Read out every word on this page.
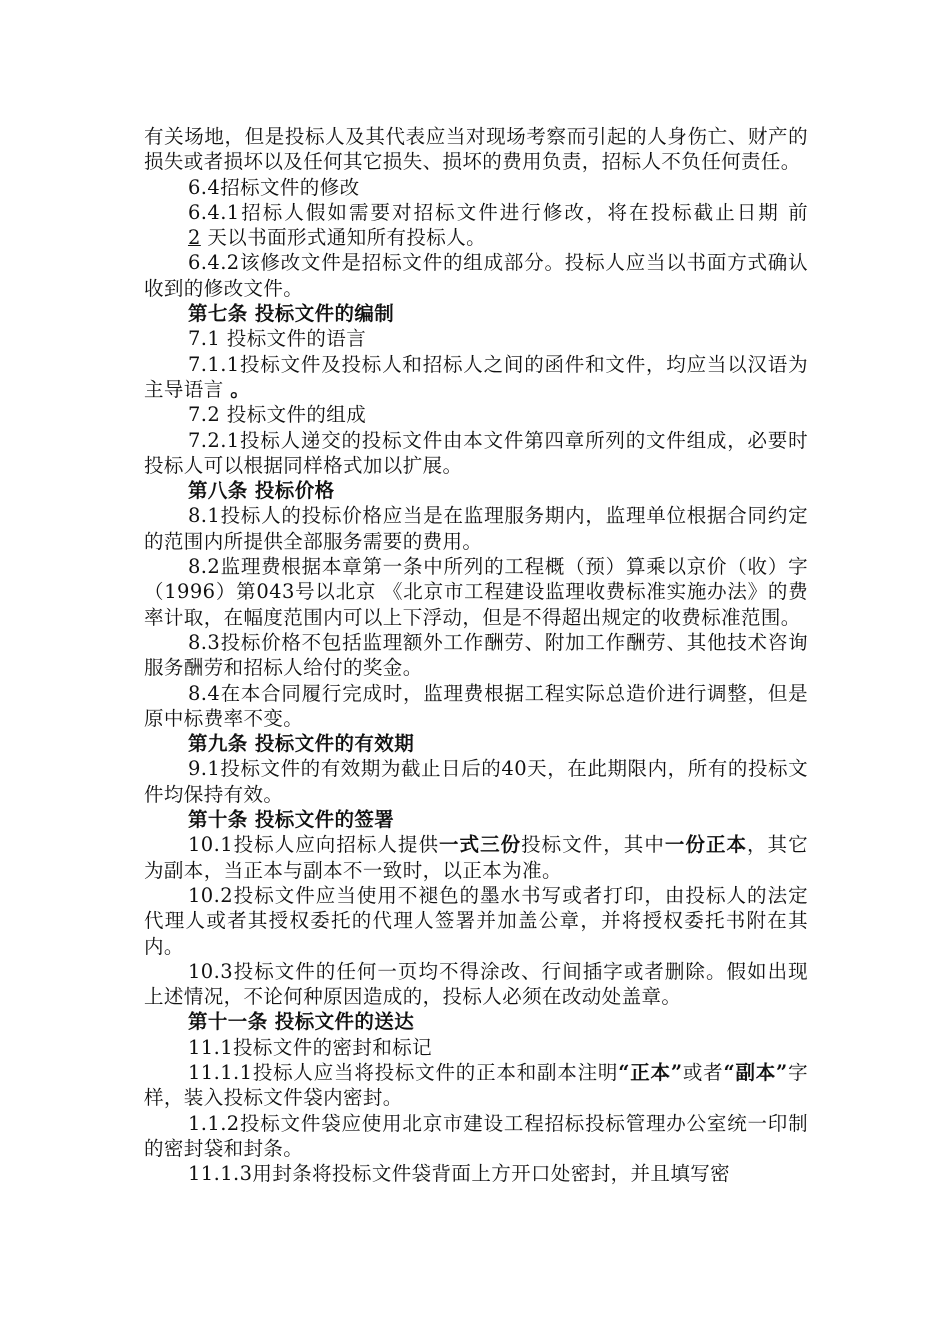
有关场地，但是投标人及其代表应当对现场考察而引起的人身伤亡、财产的损失或者损坏以及任何其它损失、损坏的费用负责，招标人不负任何责任。

6.4招标文件的修改

6.4.1招标人假如需要对招标文件进行修改，将在投标截止日期 前 2 天以书面形式通知所有投标人。

6.4.2该修改文件是招标文件的组成部分。投标人应当以书面方式确认收到的修改文件。

第七条 投标文件的编制

7.1 投标文件的语言

7.1.1投标文件及投标人和招标人之间的函件和文件，均应当以汉语为主导语言 。

7.2 投标文件的组成

7.2.1投标人递交的投标文件由本文件第四章所列的文件组成，必要时投标人可以根据同样格式加以扩展。

第八条 投标价格

8.1投标人的投标价格应当是在监理服务期内，监理单位根据合同约定的范围内所提供全部服务需要的费用。

8.2监理费根据本章第一条中所列的工程概（预）算乘以京价（收）字（1996）第043号以北京 《北京市工程建设监理收费标准实施办法》的费率计取，在幅度范围内可以上下浮动，但是不得超出规定的收费标准范围。

8.3投标价格不包括监理额外工作酬劳、附加工作酬劳、其他技术咨询服务酬劳和招标人给付的奖金。

8.4在本合同履行完成时，监理费根据工程实际总造价进行调整，但是原中标费率不变。

第九条 投标文件的有效期

9.1投标文件的有效期为截止日后的40天，在此期限内，所有的投标文件均保持有效。

第十条 投标文件的签署

10.1投标人应向招标人提供一式三份投标文件，其中一份正本，其它为副本，当正本与副本不一致时，以正本为准。

10.2投标文件应当使用不褪色的墨水书写或者打印，由投标人的法定代理人或者其授权委托的代理人签署并加盖公章，并将授权委托书附在其内。

10.3投标文件的任何一页均不得涂改、行间插字或者删除。假如出现上述情况，不论何种原因造成的，投标人必须在改动处盖章。

第十一条 投标文件的送达

11.1投标文件的密封和标记

11.1.1投标人应当将投标文件的正本和副本注明“正本”或者“副本”字样，装入投标文件袋内密封。

1.1.2投标文件袋应使用北京市建设工程招标投标管理办公室统一印制的密封袋和封条。

11.1.3用封条将投标文件袋背面上方开口处密封，并且填写密
